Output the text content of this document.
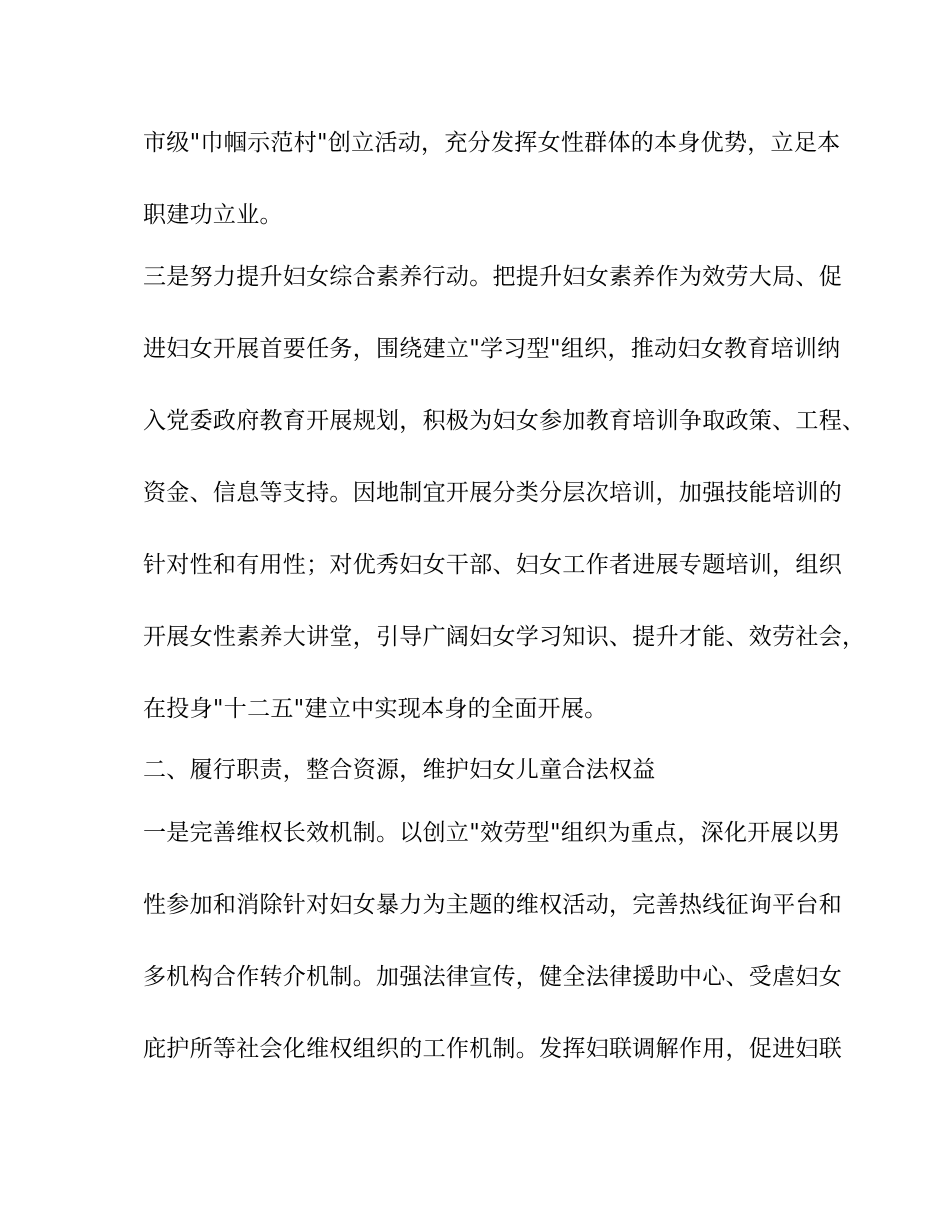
市级"巾帼示范村"创立活动，充分发挥女性群体的本身优势，立足本
职建功立业。
三是努力提升妇女综合素养行动。把提升妇女素养作为效劳大局、促
进妇女开展首要任务，围绕建立"学习型"组织，推动妇女教育培训纳
入党委政府教育开展规划，积极为妇女参加教育培训争取政策、工程、
资金、信息等支持。因地制宜开展分类分层次培训，加强技能培训的
针对性和有用性；对优秀妇女干部、妇女工作者进展专题培训，组织
开展女性素养大讲堂，引导广阔妇女学习知识、提升才能、效劳社会，
在投身"十二五"建立中实现本身的全面开展。
二、履行职责，整合资源，维护妇女儿童合法权益
一是完善维权长效机制。以创立"效劳型"组织为重点，深化开展以男
性参加和消除针对妇女暴力为主题的维权活动，完善热线征询平台和
多机构合作转介机制。加强法律宣传，健全法律援助中心、受虐妇女
庇护所等社会化维权组织的工作机制。发挥妇联调解作用，促进妇联
